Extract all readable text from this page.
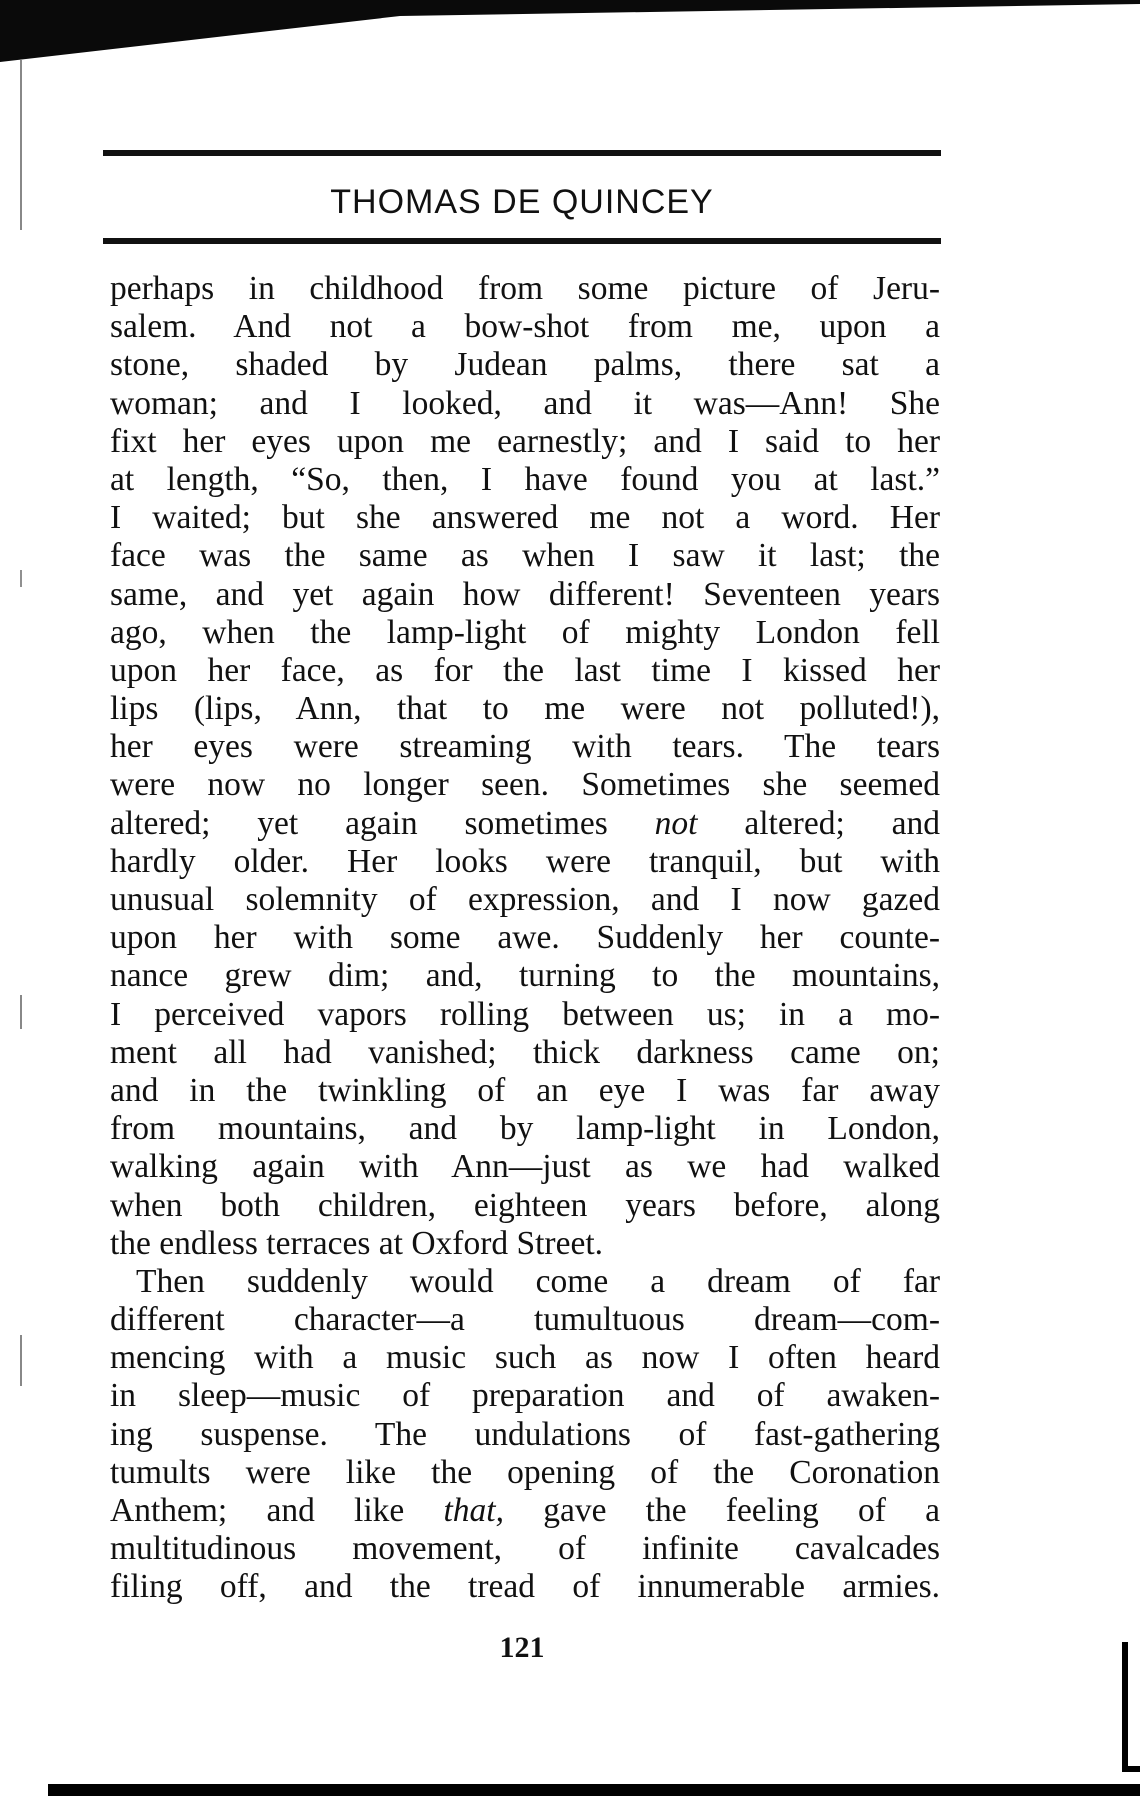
THOMAS DE QUINCEY
perhaps in childhood from some picture of Jeru-
salem. And not a bow-shot from me, upon a
stone, shaded by Judean palms, there sat a
woman; and I looked, and it was—Ann! She
fixt her eyes upon me earnestly; and I said to her
at length, “So, then, I have found you at last.”
I waited; but she answered me not a word. Her
face was the same as when I saw it last; the
same, and yet again how different! Seventeen years
ago, when the lamp-light of mighty London fell
upon her face, as for the last time I kissed her
lips (lips, Ann, that to me were not polluted!),
her eyes were streaming with tears. The tears
were now no longer seen. Sometimes she seemed
altered; yet again sometimes not altered; and
hardly older. Her looks were tranquil, but with
unusual solemnity of expression, and I now gazed
upon her with some awe. Suddenly her counte-
nance grew dim; and, turning to the mountains,
I perceived vapors rolling between us; in a mo-
ment all had vanished; thick darkness came on;
and in the twinkling of an eye I was far away
from mountains, and by lamp-light in London,
walking again with Ann—just as we had walked
when both children, eighteen years before, along
the endless terraces at Oxford Street.
Then suddenly would come a dream of far
different character—a tumultuous dream—com-
mencing with a music such as now I often heard
in sleep—music of preparation and of awaken-
ing suspense. The undulations of fast-gathering
tumults were like the opening of the Coronation
Anthem; and like that, gave the feeling of a
multitudinous movement, of infinite cavalcades
filing off, and the tread of innumerable armies.
121
